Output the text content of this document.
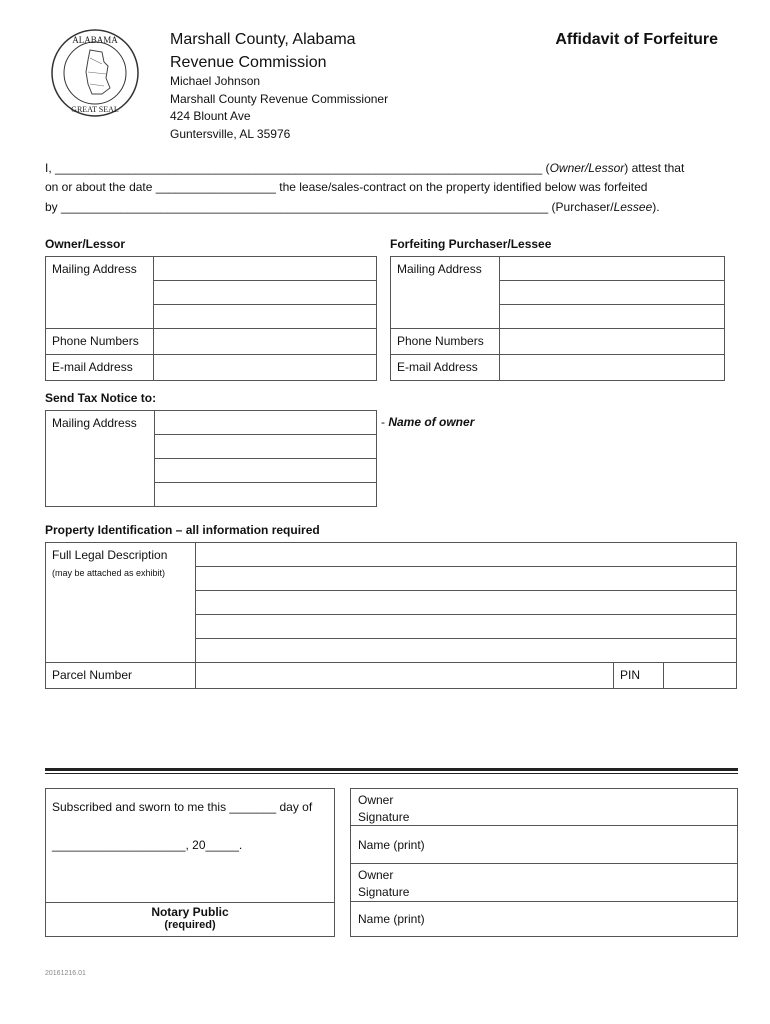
ALABAMA
GREAT SEAL
Marshall County, Alabama
Revenue Commission
Michael Johnson
Marshall County Revenue Commissioner
424 Blount Ave
Guntersville, AL 35976
Affidavit of Forfeiture
I, _________________________________________________________________________ (Owner/Lessor) attest that
on or about the date __________________ the lease/sales-contract on the property identified below was forfeited
by _________________________________________________________________________ (Purchaser/Lessee).
Owner/Lessor
Mailing Address	

Phone Numbers	
E-mail Address	
Forfeiting Purchaser/Lessee
Mailing Address	

Phone Numbers	
E-mail Address	
Send Tax Notice to:
Mailing Address		- Name of owner
Property Identification – all information required
Full Legal Description
(may be attached as exhibit)			

Parcel Number		PIN	
Subscribed and sworn to me this _______ day of
____________________, 20_____.
Notary Public
(required)
Owner
Signature
Name (print)
Owner
Signature
Name (print)
20161216.01
